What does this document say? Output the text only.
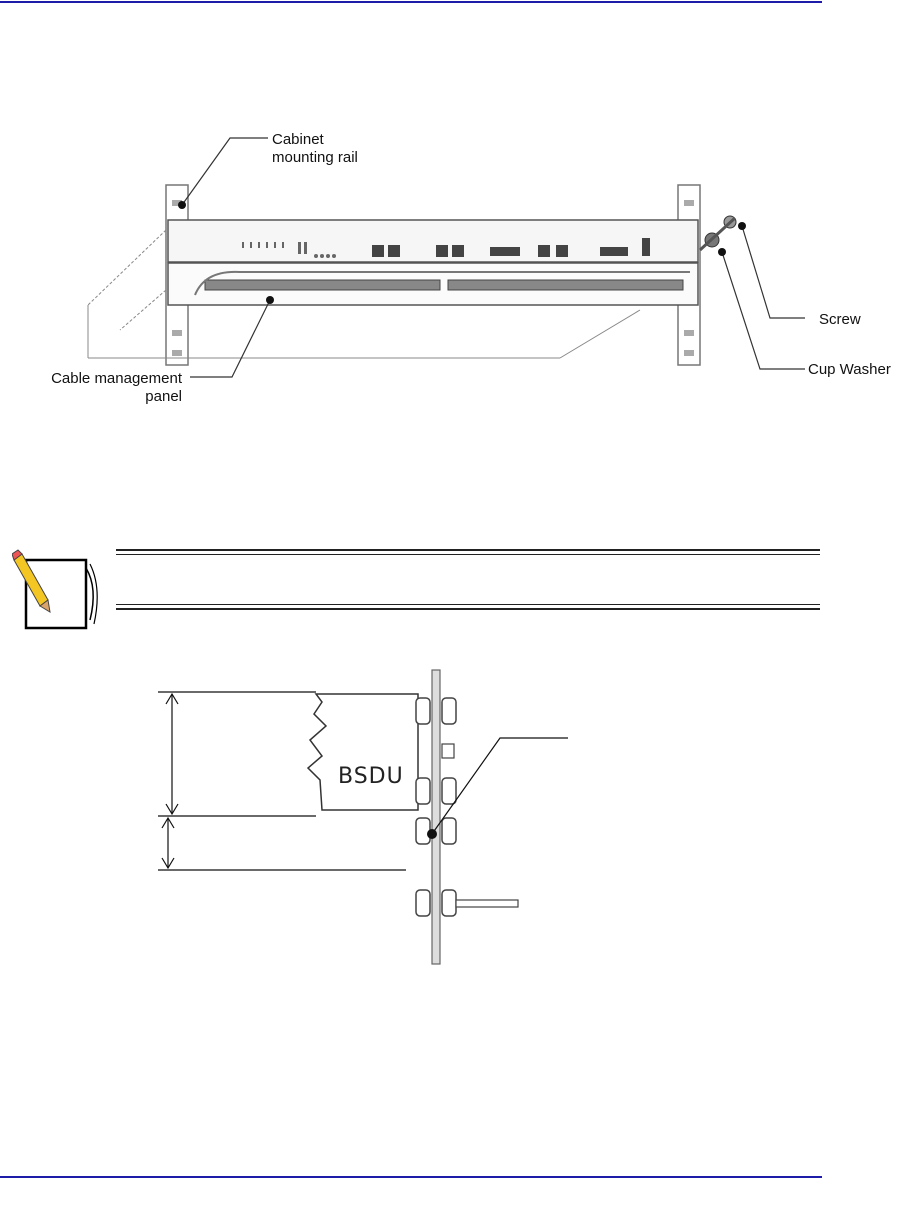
Cabinet
mounting rail
Screw
Cup Washer
Cable management
panel
BSDU
